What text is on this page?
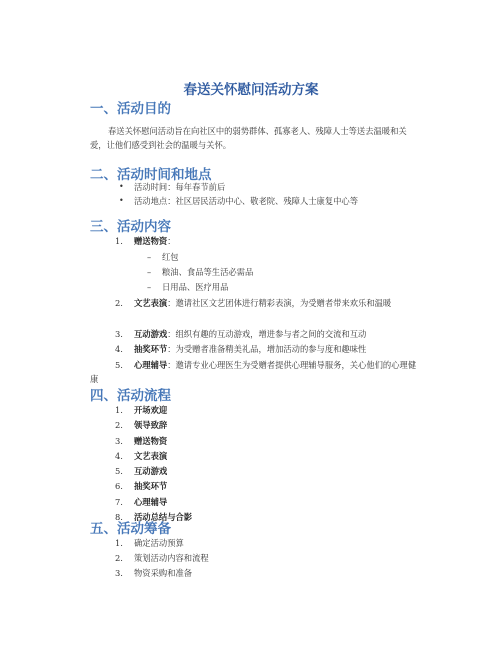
春送关怀慰问活动方案
一、活动目的

春送关怀慰问活动旨在向社区中的弱势群体、孤寡老人、残障人士等送去温暖和关爱，让他们感受到社会的温暖与关怀。

二、活动时间和地点
• 活动时间：每年春节前后
• 活动地点：社区居民活动中心、敬老院、残障人士康复中心等
三、活动内容
1. 赠送物资：
– 红包
– 粮油、食品等生活必需品
– 日用品、医疗用品
2.	文艺表演：邀请社区文艺团体进行精彩表演，为受赠者带来欢乐和温暖
3. 互动游戏：组织有趣的互动游戏，增进参与者之间的交流和互动
4. 抽奖环节：为受赠者准备精美礼品，增加活动的参与度和趣味性
5.	心理辅导：邀请专业心理医生为受赠者提供心理辅导服务，关心他们的心理健康
四、活动流程
1. 开场欢迎
2. 领导致辞
3. 赠送物资
4. 文艺表演
5. 互动游戏
6. 抽奖环节
7. 心理辅导
8. 活动总结与合影
五、活动筹备
1. 确定活动预算
2. 策划活动内容和流程
3. 物资采购和准备
